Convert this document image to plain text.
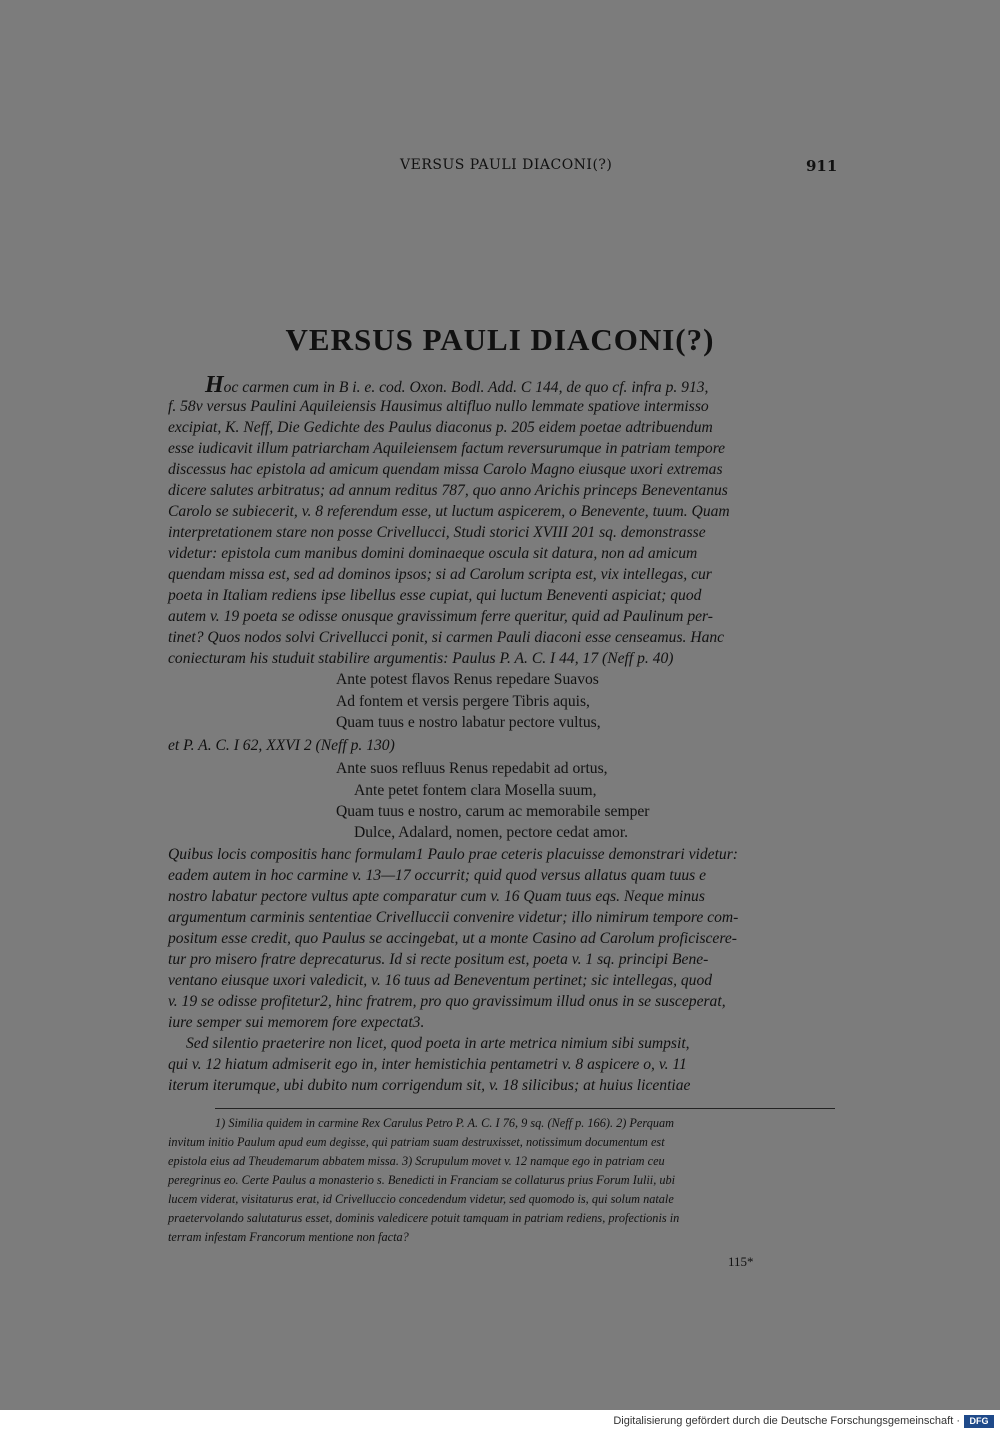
VERSUS PAULI DIACONI(?)	911
VERSUS PAULI DIACONI(?)
Hoc carmen cum in B i. e. cod. Oxon. Bodl. Add. C 144, de quo cf. infra p. 913,
f. 58v versus Paulini Aquileiensis Hausimus altifluo nullo lemmate spatiove intermisso
excipiat, K. Neff, Die Gedichte des Paulus diaconus p. 205 eidem poetae adtribuendum
esse iudicavit illum patriarcham Aquileiensem factum reversurumque in patriam tempore
discessus hac epistola ad amicum quendam missa Carolo Magno eiusque uxori extremas
dicere salutes arbitratus; ad annum reditus 787, quo anno Arichis princeps Beneventanus
Carolo se subiecerit, v. 8 referendum esse, ut luctum aspicerem, o Benevente, tuum. Quam
interpretationem stare non posse Crivellucci, Studi storici XVIII 201 sq. demonstrasse
videtur: epistola cum manibus domini dominaeque oscula sit datura, non ad amicum
quendam missa est, sed ad dominos ipsos; si ad Carolum scripta est, vix intellegas, cur
poeta in Italiam rediens ipse libellus esse cupiat, qui luctum Beneventi aspiciat; quod
autem v. 19 poeta se odisse onusque gravissimum ferre queritur, quid ad Paulinum per-
tinet? Quos nodos solvi Crivellucci ponit, si carmen Pauli diaconi esse censeamus. Hanc
coniecturam his studuit stabilire argumentis: Paulus P. A. C. I 44, 17 (Neff p. 40)
Ante potest flavos Renus repedare Suavos
Ad fontem et versis pergere Tibris aquis,
Quam tuus e nostro labatur pectore vultus,
et P. A. C. I 62, XXVI 2 (Neff p. 130)
Ante suos refluus Renus repedabit ad ortus,
Ante petet fontem clara Mosella suum,
Quam tuus e nostro, carum ac memorabile semper
Dulce, Adalard, nomen, pectore cedat amor.
Quibus locis compositis hanc formulam1 Paulo prae ceteris placuisse demonstrari videtur:
eadem autem in hoc carmine v. 13—17 occurrit; quid quod versus allatus quam tuus e
nostro labatur pectore vultus apte comparatur cum v. 16 Quam tuus eqs. Neque minus
argumentum carminis sententiae Crivelluccii convenire videtur; illo nimirum tempore com-
positum esse credit, quo Paulus se accingebat, ut a monte Casino ad Carolum proficiscere-
tur pro misero fratre deprecaturus. Id si recte positum est, poeta v. 1 sq. principi Bene-
ventano eiusque uxori valedicit, v. 16 tuus ad Beneventum pertinet; sic intellegas, quod
v. 19 se odisse profitetur2, hinc fratrem, pro quo gravissimum illud onus in se susceperat,
iure semper sui memorem fore expectat3.
Sed silentio praeterire non licet, quod poeta in arte metrica nimium sibi sumpsit,
qui v. 12 hiatum admiserit ego in, inter hemistichia pentametri v. 8 aspicere o, v. 11
iterum iterumque, ubi dubito num corrigendum sit, v. 18 silicibus; at huius licentiae
1) Similia quidem in carmine Rex Carulus Petro P. A. C. I 76, 9 sq. (Neff p. 166). 2) Perquam
invitum initio Paulum apud eum degisse, qui patriam suam destruxisset, notissimum documentum est
epistola eius ad Theudemarum abbatem missa. 3) Scrupulum movet v. 12 namque ego in patriam ceu
peregrinus eo. Certe Paulus a monasterio s. Benedicti in Franciam se collaturus prius Forum Iulii, ubi
lucem viderat, visitaturus erat, id Crivelluccio concedendum videtur, sed quomodo is, qui solum natale
praetervolando salutaturus esset, dominis valedicere potuit tamquam in patriam rediens, profectionis in
terram infestam Francorum mentione non facta?
115*
Digitalisierung gefördert durch die Deutsche Forschungsgemeinschaft ·	DFG
